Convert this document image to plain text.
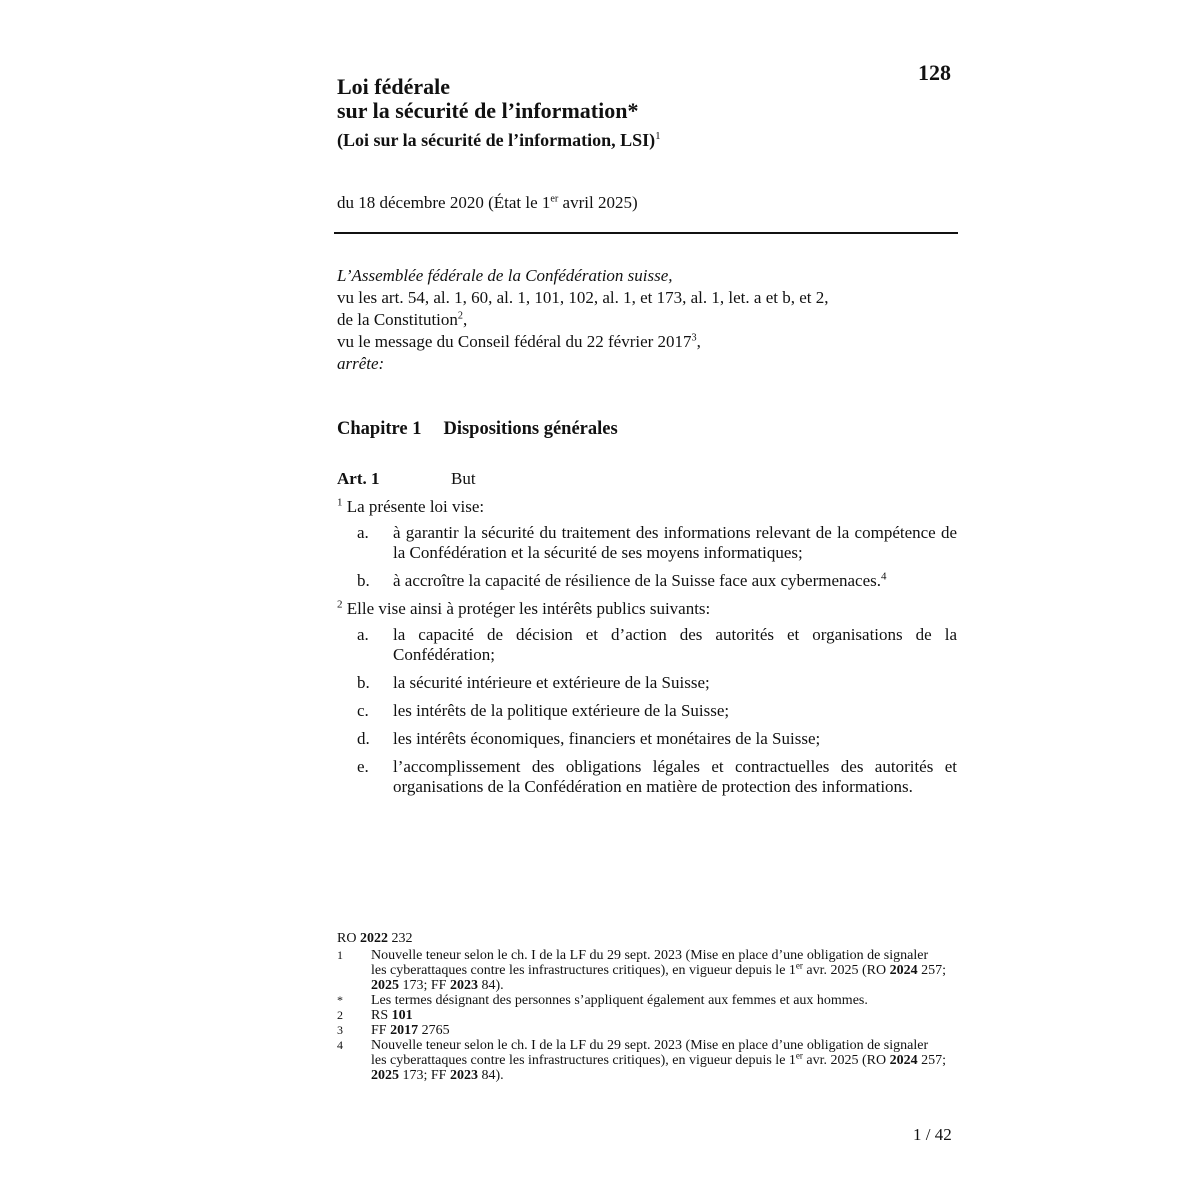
128
Loi fédérale
sur la sécurité de l’information*
(Loi sur la sécurité de l’information, LSI)$^1$
du 18 décembre 2020 (État le 1er avril 2025)
L’Assemblée fédérale de la Confédération suisse,
vu les art. 54, al. 1, 60, al. 1, 101, 102, al. 1, et 173, al. 1, let. a et b, et 2,
de la Constitution$^2$,
vu le message du Conseil fédéral du 22 février 2017$^3$,
arrête:
Chapitre 1 Dispositions générales
Art. 1	But
$^1$ La présente loi vise:
a.	à garantir la sécurité du traitement des informations relevant de la compétence de la Confédération et la sécurité de ses moyens informatiques;
b.	à accroître la capacité de résilience de la Suisse face aux cybermenaces.$^4$
$^2$ Elle vise ainsi à protéger les intérêts publics suivants:
a.	la capacité de décision et d’action des autorités et organisations de la Confédération;
b.	la sécurité intérieure et extérieure de la Suisse;
c.	les intérêts de la politique extérieure de la Suisse;
d.	les intérêts économiques, financiers et monétaires de la Suisse;
e.	l’accomplissement des obligations légales et contractuelles des autorités et organisations de la Confédération en matière de protection des informations.
RO 2022 232
1	Nouvelle teneur selon le ch. I de la LF du 29 sept. 2023 (Mise en place d’une obligation de signaler les cyberattaques contre les infrastructures critiques), en vigueur depuis le 1er avr. 2025 (RO 2024 257; 2025 173; FF 2023 84).
*	Les termes désignant des personnes s’appliquent également aux femmes et aux hommes.
2	RS 101
3	FF 2017 2765
4	Nouvelle teneur selon le ch. I de la LF du 29 sept. 2023 (Mise en place d’une obligation de signaler les cyberattaques contre les infrastructures critiques), en vigueur depuis le 1er avr. 2025 (RO 2024 257; 2025 173; FF 2023 84).
1 / 42
